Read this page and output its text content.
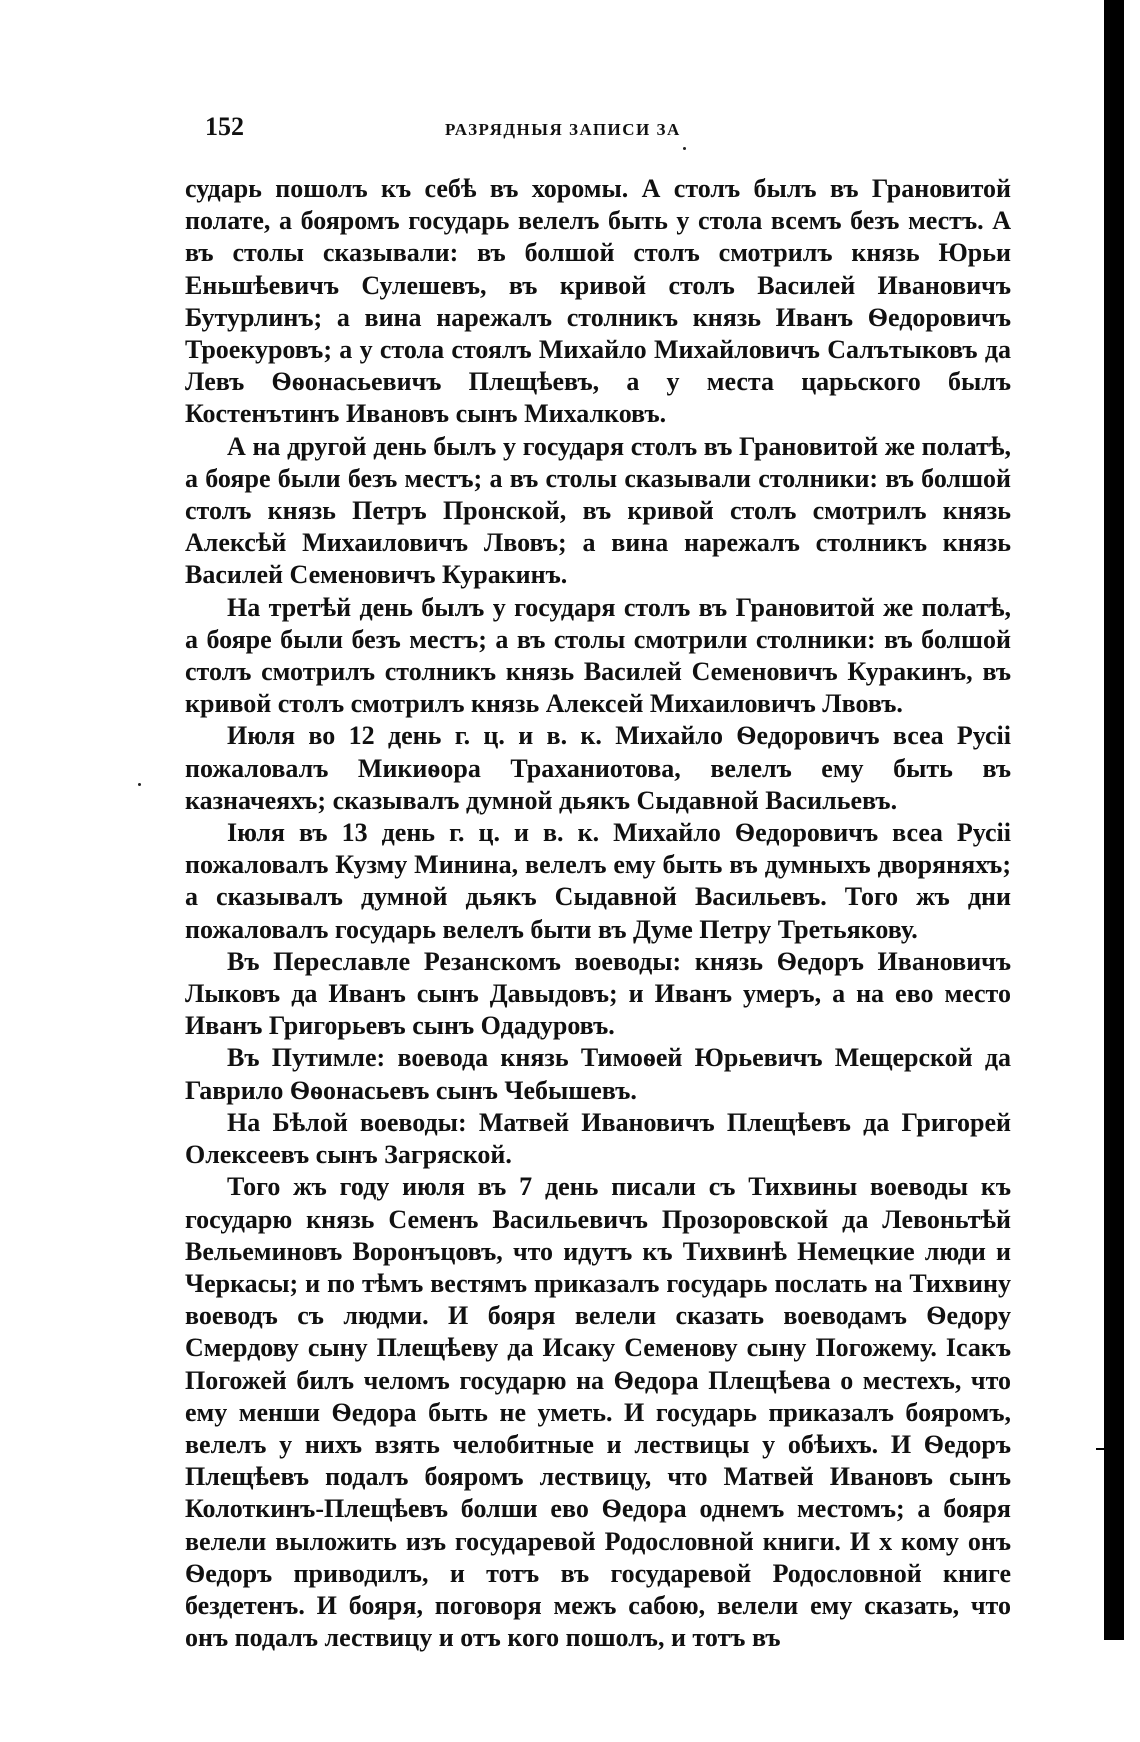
152	РАЗРЯДНЫЯ ЗАПИСИ ЗА

сударь пошолъ къ себѣ въ хоромы. А столъ былъ въ Грановитой полате, а бояромъ государь велелъ быть у стола всемъ безъ местъ. А въ столы сказывали: въ болшой столъ смотрилъ князь Юрьи Еньшѣевичъ Сулешевъ, въ кривой столъ Василей Ивановичъ Бутурлинъ; а вина нарежалъ столникъ князь Иванъ Ѳедоровичъ Троекуровъ; а у стола стоялъ Михайло Михайловичъ Салътыковъ да Левъ Ѳѳонасьевичъ Плещѣевъ, а у места царьского былъ Костенътинъ Ивановъ сынъ Михалковъ.

А на другой день былъ у государя столъ въ Грановитой же полатѣ, а бояре были безъ местъ; а въ столы сказывали столники: въ болшой столъ князь Петръ Пронской, въ кривой столъ смотрилъ князь Алексѣй Михаиловичъ Лвовъ; а вина нарежалъ столникъ князь Василей Семеновичъ Куракинъ.

На третѣй день былъ у государя столъ въ Грановитой же полатѣ, а бояре были безъ местъ; а въ столы смотрили столники: въ болшой столъ смотрилъ столникъ князь Василей Семеновичъ Куракинъ, въ кривой столъ смотрилъ князь Алексей Михаиловичъ Лвовъ.

Июля во 12 день г. ц. и в. к. Михайло Ѳедоровичъ всеа Русіі пожаловалъ Микиѳора Траханиотова, велелъ ему быть въ казначеяхъ; сказывалъ думной дьякъ Сыдавной Васильевъ.

Іюля въ 13 день г. ц. и в. к. Михайло Ѳедоровичъ всеа Русіі пожаловалъ Кузму Минина, велелъ ему быть въ думныхъ дворяняхъ; а сказывалъ думной дьякъ Сыдавной Васильевъ. Того жъ дни пожаловалъ государь велелъ быти въ Думе Петру Третьякову.

Въ Переславле Резанскомъ воеводы: князь Ѳедоръ Ивановичъ Лыковъ да Иванъ сынъ Давыдовъ; и Иванъ умеръ, а на ево место Иванъ Григорьевъ сынъ Одадуровъ.

Въ Путимле: воевода князь Тимоѳей Юрьевичъ Мещерской да Гаврило Ѳѳонасьевъ сынъ Чебышевъ.

На Бѣлой воеводы: Матвей Ивановичъ Плещѣевъ да Григорей Олексеевъ сынъ Загряской.

Того жъ году июля въ 7 день писали съ Тихвины воеводы къ государю князь Семенъ Васильевичъ Прозоровской да Левоньтѣй Вельеминовъ Воронъцовъ, что идутъ къ Тихвинѣ Немецкие люди и Черкасы; и по тѣмъ вестямъ приказалъ государь послать на Тихвину воеводъ съ людми. И бояря велели сказать воеводамъ Ѳедору Смердову сыну Плещѣеву да Исаку Семенову сыну Погожему. Ісакъ Погожей билъ челомъ государю на Ѳедора Плещѣева о местехъ, что ему менши Ѳедора быть не уметь. И государь приказалъ бояромъ, велелъ у нихъ взять челобитные и лествицы у обѣихъ. И Ѳедоръ Плещѣевъ подалъ бояромъ лествицу, что Матвей Ивановъ сынъ Колоткинъ-Плещѣевъ болши ево Ѳедора однемъ местомъ; а бояря велели выложить изъ государевой Родословной книги. И х кому онъ Ѳедоръ приводилъ, и тотъ въ государевой Родословной книге бездетенъ. И бояря, поговоря межъ сабою, велели ему сказать, что онъ подалъ лествицу и отъ кого пошолъ, и тотъ въ
